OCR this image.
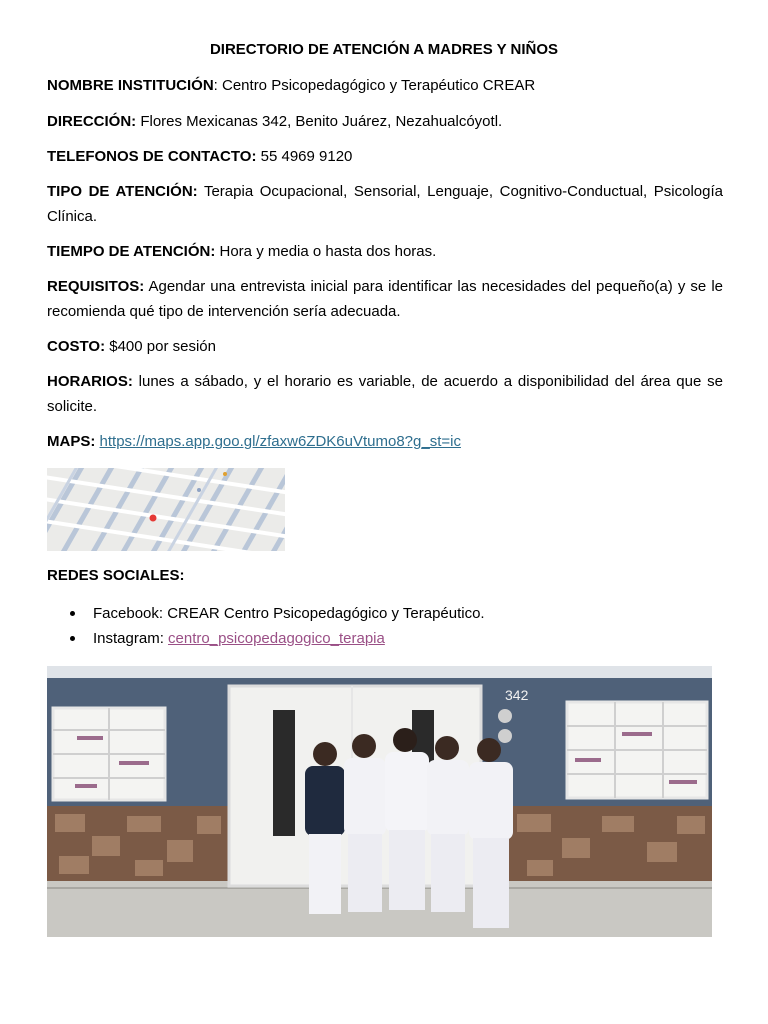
DIRECTORIO DE ATENCIÓN A MADRES Y NIÑOS
NOMBRE INSTITUCIÓN: Centro Psicopedagógico y Terapéutico CREAR
DIRECCIÓN: Flores Mexicanas 342, Benito Juárez, Nezahualcóyotl.
TELEFONOS DE CONTACTO: 55 4969 9120
TIPO DE ATENCIÓN: Terapia Ocupacional, Sensorial, Lenguaje, Cognitivo-Conductual, Psicología Clínica.
TIEMPO DE ATENCIÓN: Hora y media o hasta dos horas.
REQUISITOS: Agendar una entrevista inicial para identificar las necesidades del pequeño(a) y se le recomienda qué tipo de intervención sería adecuada.
COSTO: $400 por sesión
HORARIOS: lunes a sábado, y el horario es variable, de acuerdo a disponibilidad del área que se solicite.
MAPS: https://maps.app.goo.gl/zfaxw6ZDK6uVtumo8?g_st=ic
REDES SOCIALES:
Facebook: CREAR Centro Psicopedagógico y Terapéutico.
Instagram: centro_psicopedagogico_terapia
342
